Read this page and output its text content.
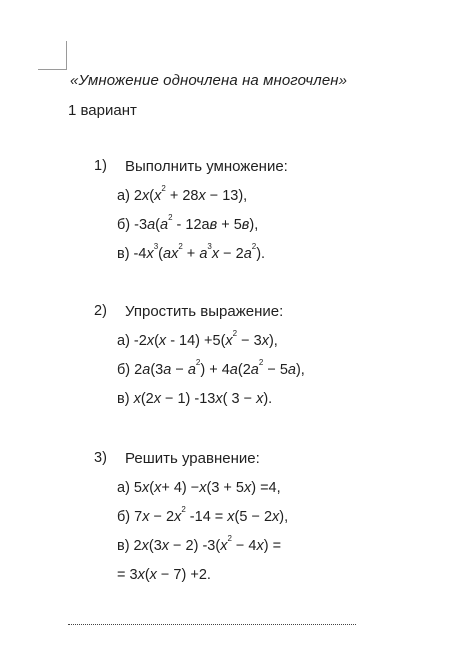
«Умножение одночлена на многочлен»
1 вариант
1) Выполнить умножение:
а) $2x(x^2 + 28x - 13)$,
б) $-3a(a^2 - 12ав + 5в)$,
в) $-4x^3(ax^2 + a^3x - 2a^2)$.
2) Упростить выражение:
а) $-2x(x - 14) +5(x^2 - 3x)$,
б) $2a(3a - a^2) + 4a(2a^2 - 5a)$,
в) x(2x − 1) -13x( 3 − x).
3) Решить уравнение:
а) 5x(x+ 4) −x(3 + 5x) =4,
б) $7x - 2x^2$ -14 = x(5 − 2x),
в) 2x(3x − 2) $-3(x^2 - 4x)$ =
= 3x(x − 7) +2.
